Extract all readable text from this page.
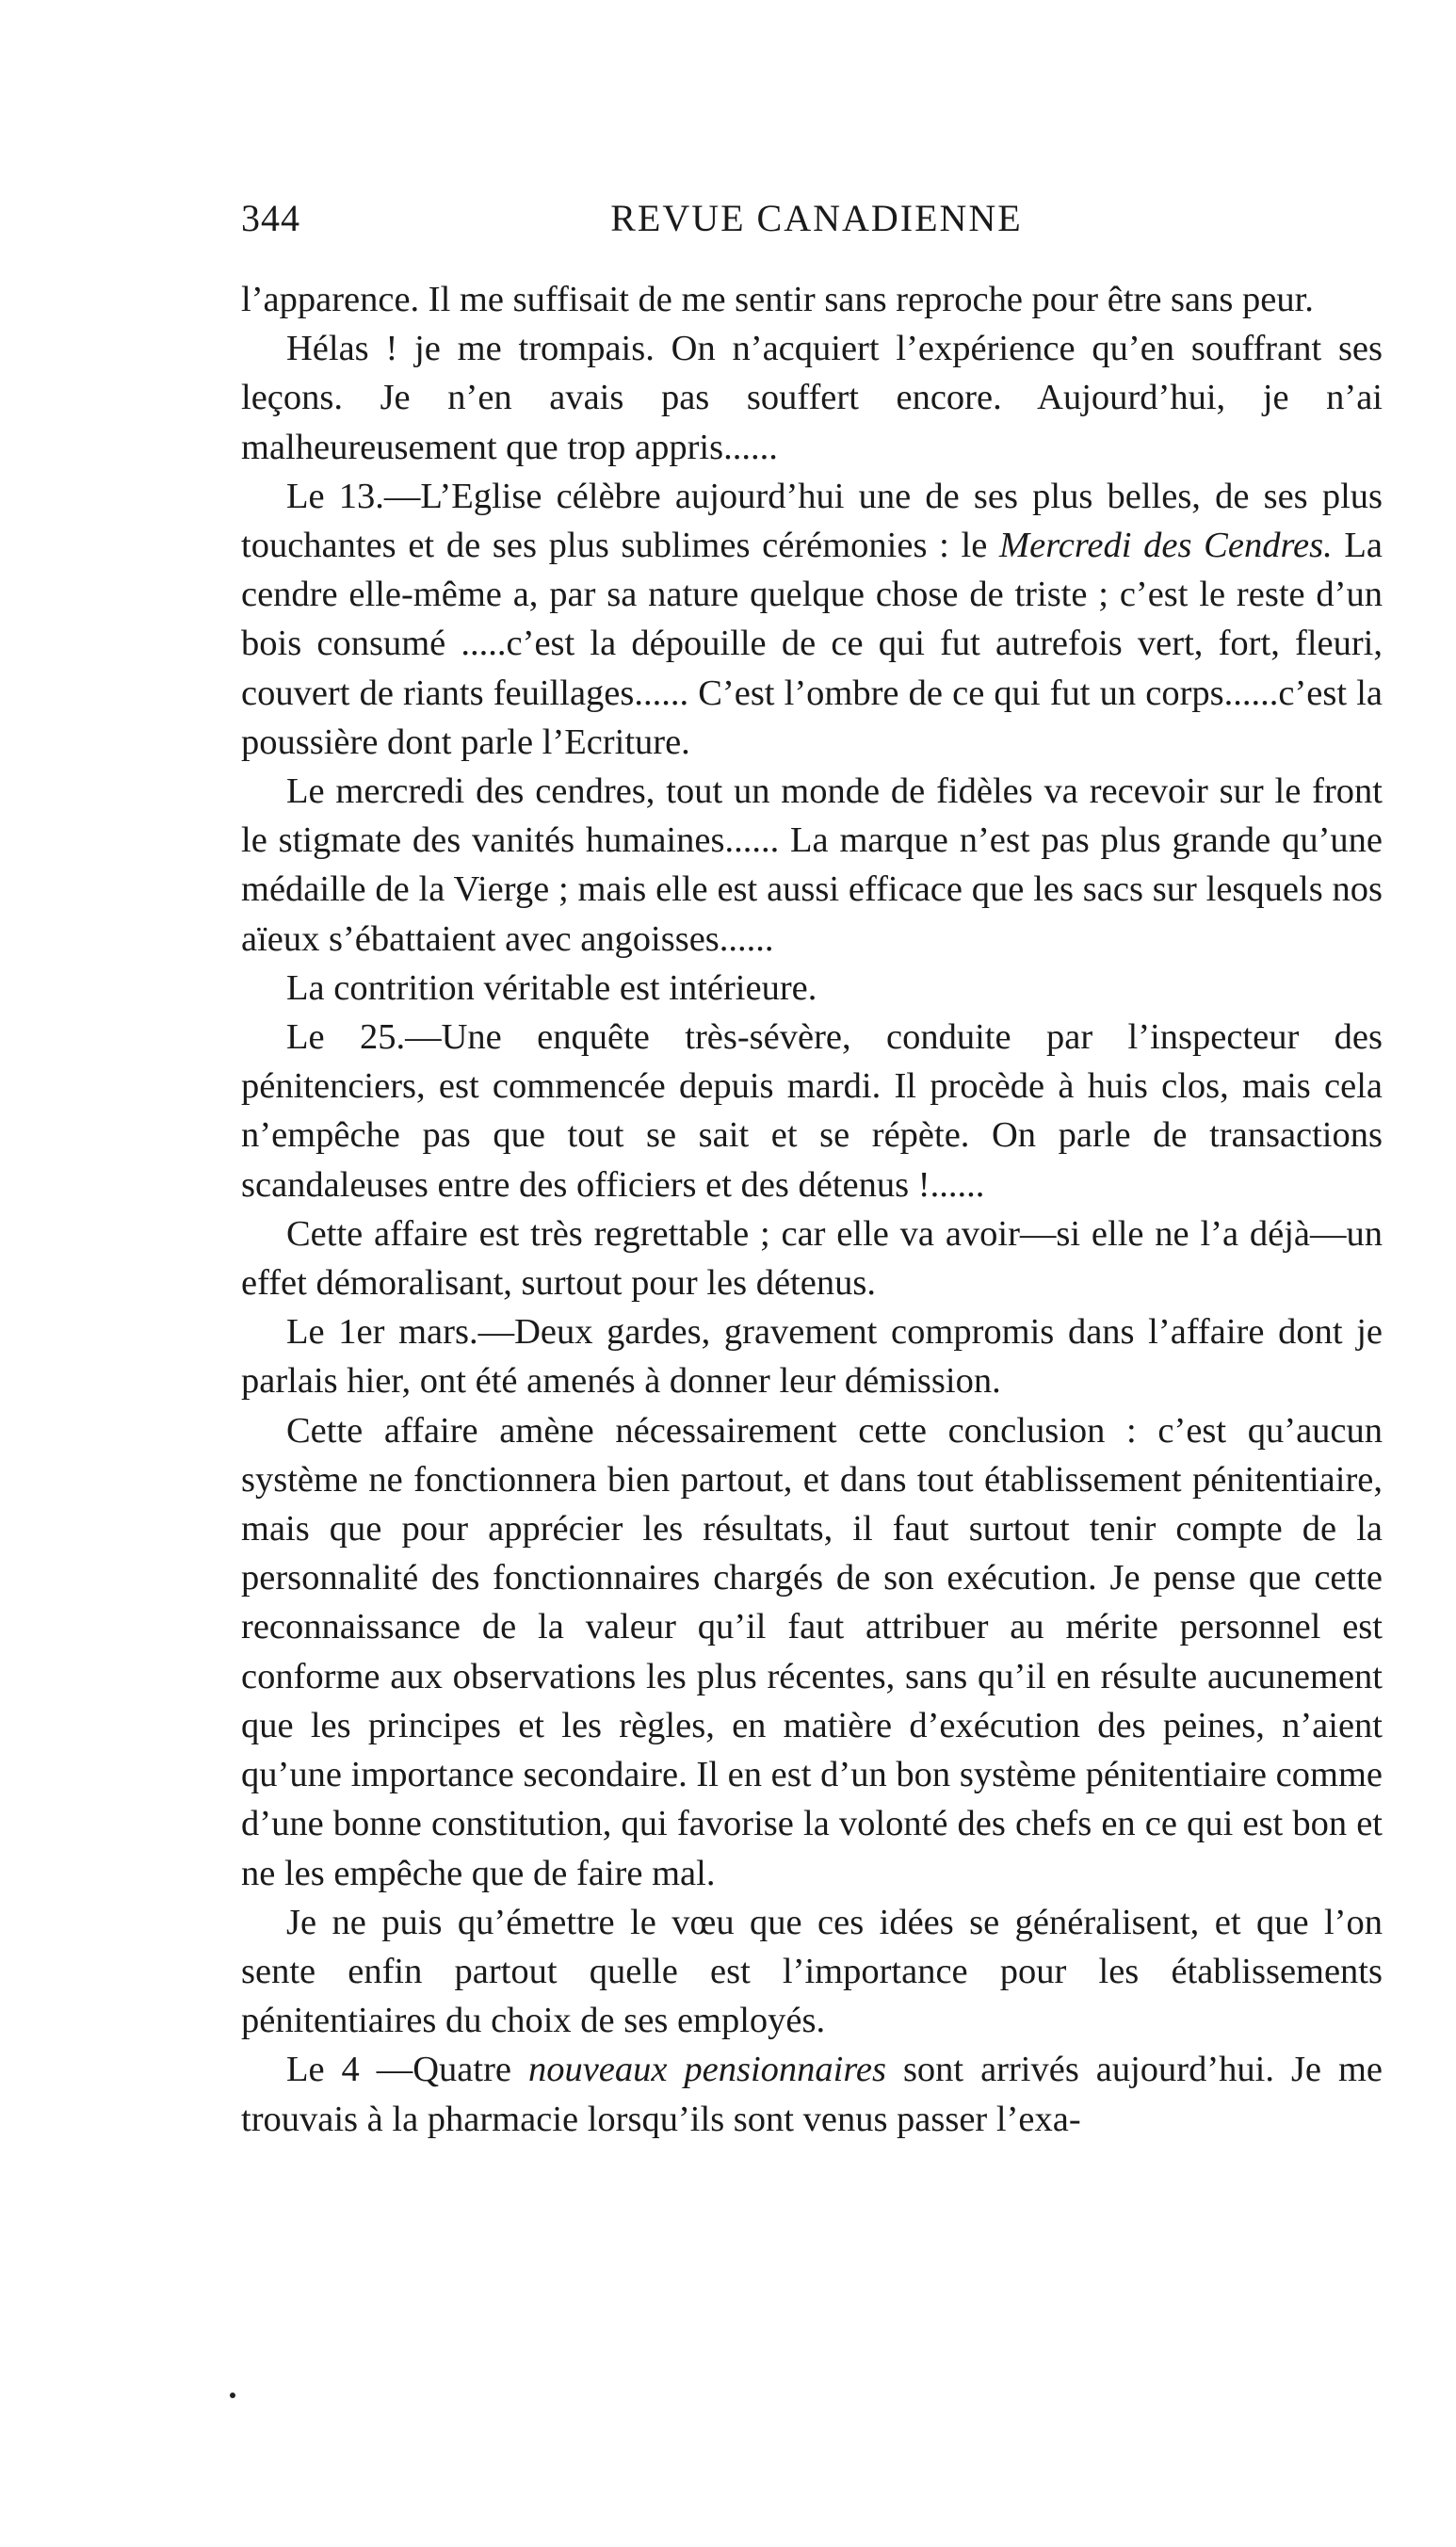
344	REVUE CANADIENNE

l’apparence. Il me suffisait de me sentir sans reproche pour être sans peur.

Hélas ! je me trompais. On n’acquiert l’expérience qu’en souffrant ses leçons. Je n’en avais pas souffert encore. Aujourd’hui, je n’ai malheureusement que trop appris......

Le 13.—L’Eglise célèbre aujourd’hui une de ses plus belles, de ses plus touchantes et de ses plus sublimes cérémonies : le Mercredi des Cendres. La cendre elle-même a, par sa nature quelque chose de triste ; c’est le reste d’un bois consumé .....c’est la dépouille de ce qui fut autrefois vert, fort, fleuri, couvert de riants feuillages...... C’est l’ombre de ce qui fut un corps......c’est la poussière dont parle l’Ecriture.

Le mercredi des cendres, tout un monde de fidèles va recevoir sur le front le stigmate des vanités humaines...... La marque n’est pas plus grande qu’une médaille de la Vierge ; mais elle est aussi efficace que les sacs sur lesquels nos aïeux s’ébattaient avec angoisses......

La contrition véritable est intérieure.

Le 25.—Une enquête très-sévère, conduite par l’inspecteur des pénitenciers, est commencée depuis mardi. Il procède à huis clos, mais cela n’empêche pas que tout se sait et se répète. On parle de transactions scandaleuses entre des officiers et des détenus !......

Cette affaire est très regrettable ; car elle va avoir—si elle ne l’a déjà—un effet démoralisant, surtout pour les détenus.

Le 1er mars.—Deux gardes, gravement compromis dans l’affaire dont je parlais hier, ont été amenés à donner leur démission.

Cette affaire amène nécessairement cette conclusion : c’est qu’aucun système ne fonctionnera bien partout, et dans tout établissement pénitentiaire, mais que pour apprécier les résultats, il faut surtout tenir compte de la personnalité des fonctionnaires chargés de son exécution. Je pense que cette reconnaissance de la valeur qu’il faut attribuer au mérite personnel est conforme aux observations les plus récentes, sans qu’il en résulte aucunement que les principes et les règles, en matière d’exécution des peines, n’aient qu’une importance secondaire. Il en est d’un bon système pénitentiaire comme d’une bonne constitution, qui favorise la volonté des chefs en ce qui est bon et ne les empêche que de faire mal.

Je ne puis qu’émettre le vœu que ces idées se généralisent, et que l’on sente enfin partout quelle est l’importance pour les établissements pénitentiaires du choix de ses employés.

Le 4 —Quatre nouveaux pensionnaires sont arrivés aujourd’hui. Je me trouvais à la pharmacie lorsqu’ils sont venus passer l’exa-
